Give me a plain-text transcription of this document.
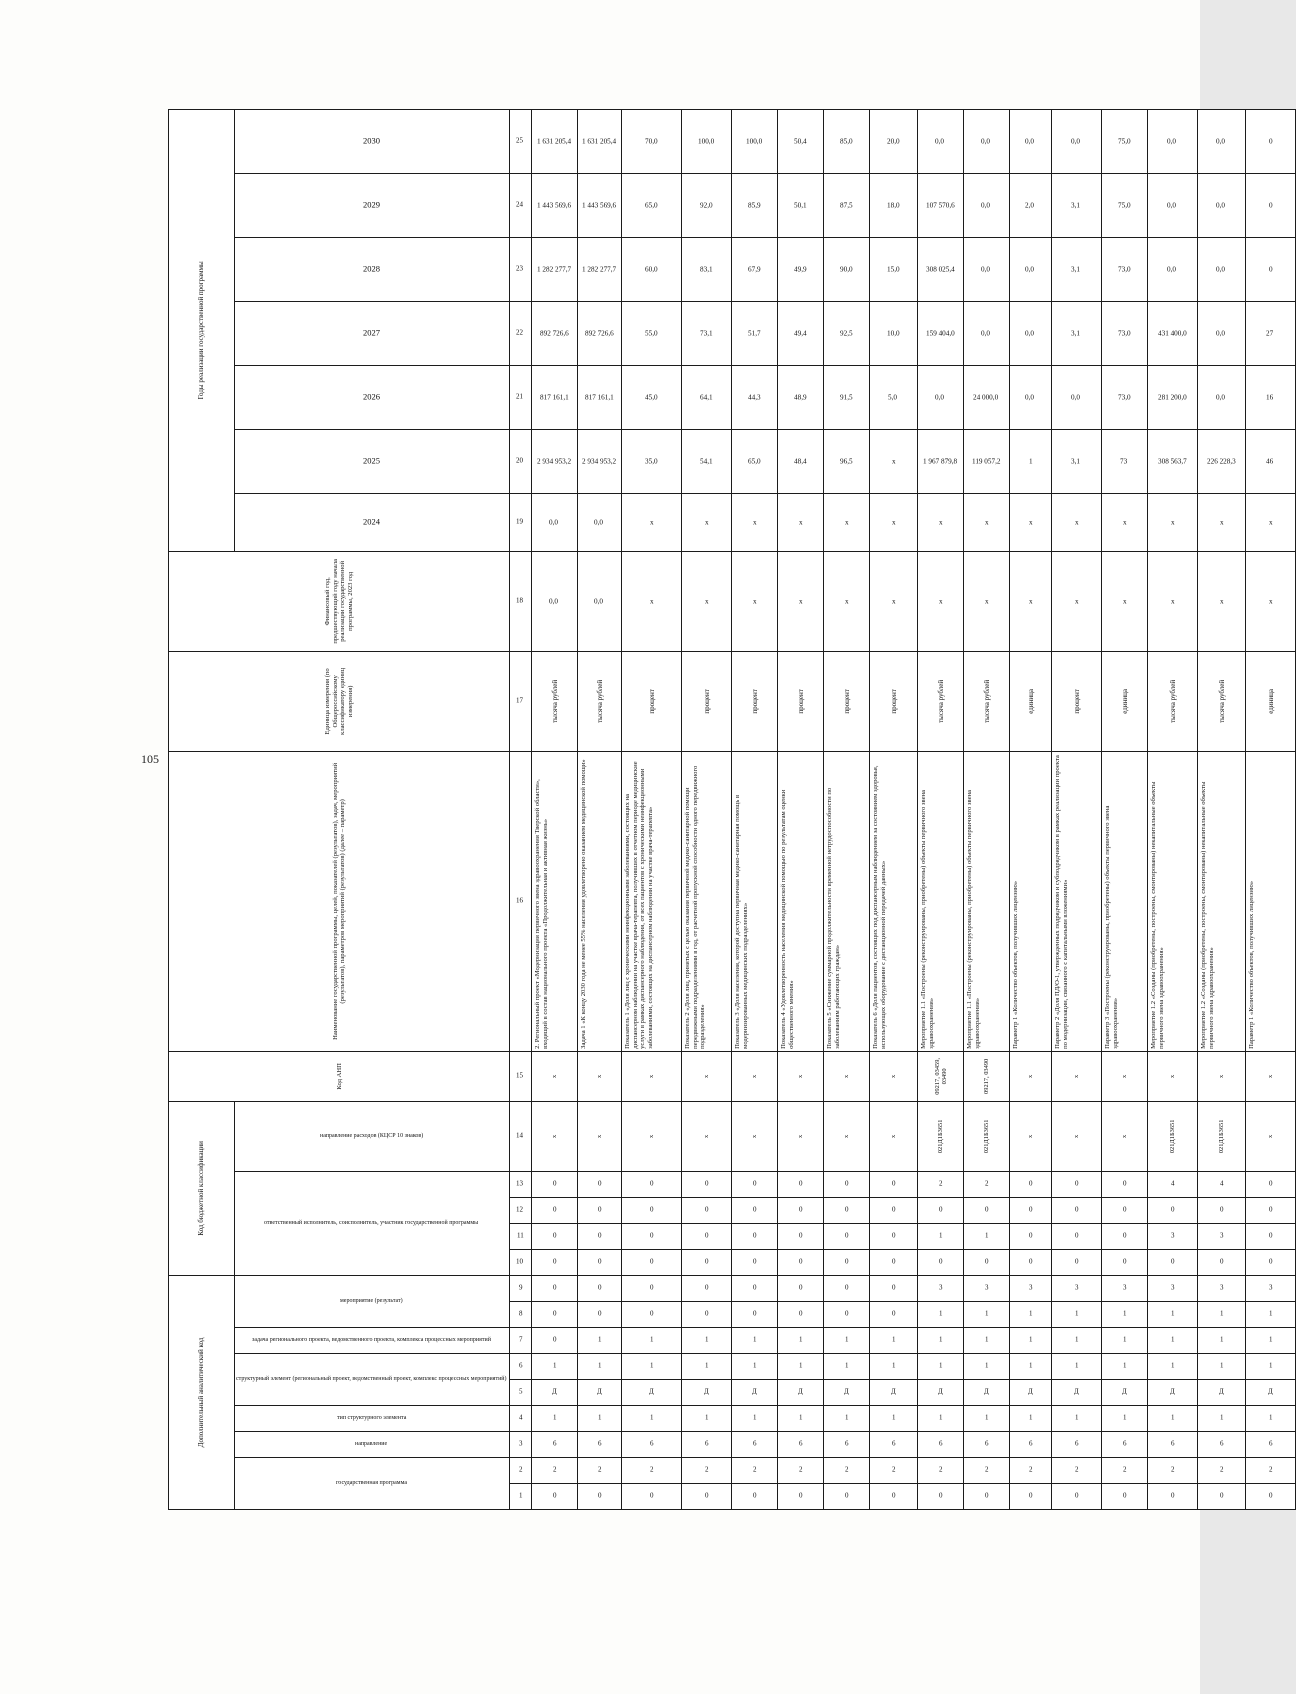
105
Дополнительный аналитический код									Код бюджетной классификации					Код АНП	Наименование государственной программы, целей, показателей (результатов), задач, мероприятий (результатов), параметров мероприятий (результатов) (далее – параметр)	Единица измерения (по Общероссийскому классификатору единиц измерения)	Финансовый год, предшествующий году начала реализации государственной программы, 2023 год	Годы реализации государственной программы						
государственная программа		направление	тип структурного элемента	структурный элемент (региональный проект, ведомственный проект, комплекс процессных мероприятий)		задача регионального проекта, ведомственного проекта, комплекса процессных мероприятий	мероприятие (результат)		ответственный исполнитель, соисполнитель, участник государственной программы				направление расходов (КЦСР 10 знаков)					2024	2025	2026	2027	2028	2029	2030
1	2	3	4	5	6	7	8	9	10	11	12	13	14	15	16	17	18	19	20	21	22	23	24	25
0	2	6	1	Д	1	0	0	0	0	0	0	0	x	x	2. Региональный проект «Модернизация первичного звена здравоохранения Тверской области», входящий в состав национального проекта «Продолжительная и активная жизнь»	тысяча рублей	0,0	0,0	2 934 953,2	817 161,1	892 726,6	1 282 277,7	1 443 569,6	1 631 205,4
0	2	6	1	Д	1	1	0	0	0	0	0	0	x	x	Задача 1 «К концу 2030 года не менее 55% населения удовлетворено оказанием медицинской помощи»	тысяча рублей	0,0	0,0	2 934 953,2	817 161,1	892 726,6	1 282 277,7	1 443 569,6	1 631 205,4
0	2	6	1	Д	1	1	0	0	0	0	0	0	x	x	Показатель 1 «Доля лиц с хроническими неинфекционными заболеваниями, состоящих на диспансерном наблюдении на участке врача-терапевта, получивших в отчетном периоде медицинские услуги в рамках диспансерного наблюдения, от всех пациентов с хроническими неинфекционными заболеваниями, состоящих на диспансерном наблюдении на участке врача-терапевта»	процент	x	x	35,0	45,0	55,0	60,0	65,0	70,0
0	2	6	1	Д	1	1	0	0	0	0	0	0	x	x	Показатель 2 «Доля лиц, принятых с целью оказания первичной медико-санитарной помощи передвижными подразделениями в год, от расчетной пропускной способности одного передвижного подразделения»	процент	x	x	54,1	64,1	73,1	83,1	92,0	100,0
0	2	6	1	Д	1	1	0	0	0	0	0	0	x	x	Показатель 3 «Доля населения, которой доступна первичная медико-санитарная помощь в модернизированных медицинских подразделениях»	процент	x	x	65,0	44,3	51,7	67,9	85,9	100,0
0	2	6	1	Д	1	1	0	0	0	0	0	0	x	x	Показатель 4 «Удовлетворенность населения медицинской помощью по результатам оценки общественного мнения»	процент	x	x	48,4	48,9	49,4	49,9	50,1	50,4
0	2	6	1	Д	1	1	0	0	0	0	0	0	x	x	Показатель 5 «Снижение суммарной продолжительности временной нетрудоспособности по заболеваниям работающих граждан»	процент	x	x	96,5	91,5	92,5	90,0	87,5	85,0
0	2	6	1	Д	1	1	0	0	0	0	0	0	x	x	Показатель 6 «Доля пациентов, состоящих под диспансерным наблюдением за состоянием здоровья, использующих оборудование с дистанционной передачей данных»	процент	x	x	x	5,0	10,0	15,0	18,0	20,0
0	2	6	1	Д	1	1	1	3	0	1	0	2	021Д1Б3651	09217, 03459, 03490	Мероприятие 1.1 «Построены (реконструированы, приобретены) объекты первичного звена здравоохранения»	тысяча рублей	x	x	1 967 879,8	0,0	159 404,0	308 025,4	107 570,6	0,0
0	2	6	1	Д	1	1	1	3	0	1	0	2	021Д1Б3651	09217, 03490	Мероприятие 1.1 «Построены (реконструированы, приобретены) объекты первичного звена здравоохранения»	тысяча рублей	x	x	119 057,2	24 000,0	0,0	0,0	0,0	0,0
0	2	6	1	Д	1	1	1	3	0	0	0	0	x	x	Параметр 1 «Количество объектов, получивших лицензию»	единица	x	x	1	0,0	0,0	0,0	2,0	0,0
0	2	6	1	Д	1	1	1	3	0	0	0	0	x	x	Параметр 2 «Доля ПД/О-1, утвержденных подрядчиком и субподрядчиком в рамках реализации проекта по модернизации, связанного с капитальными вложениями»	процент	x	x	3,1	0,0	3,1	3,1	3,1	0,0
0	2	6	1	Д	1	1	1	3	0	0	0	0	x	x	Параметр 3 «Построены (реконструированы, приобретены) объекты первичного звена здравоохранения»	единица	x	x	73	73,0	73,0	73,0	75,0	75,0
0	2	6	1	Д	1	1	1	3	0	3	0	4	021Д1Б3651	x	Мероприятие 1.2 «Созданы (приобретены, построены, смонтированы) некапитальные объекты первичного звена здравоохранения»	тысяча рублей	x	x	308 563,7	281 200,0	431 400,0	0,0	0,0	0,0
0	2	6	1	Д	1	1	1	3	0	3	0	4	021Д1Б3651	x	Мероприятие 1.2 «Созданы (приобретены, построены, смонтированы) некапитальные объекты первичного звена здравоохранения»	тысяча рублей	x	x	226 228,3	0,0	0,0	0,0	0,0	0,0
0	2	6	1	Д	1	1	1	3	0	0	0	0	x	x	Параметр 1 «Количество объектов, получивших лицензию»	единица	x	x	46	16	27	0	0	0
